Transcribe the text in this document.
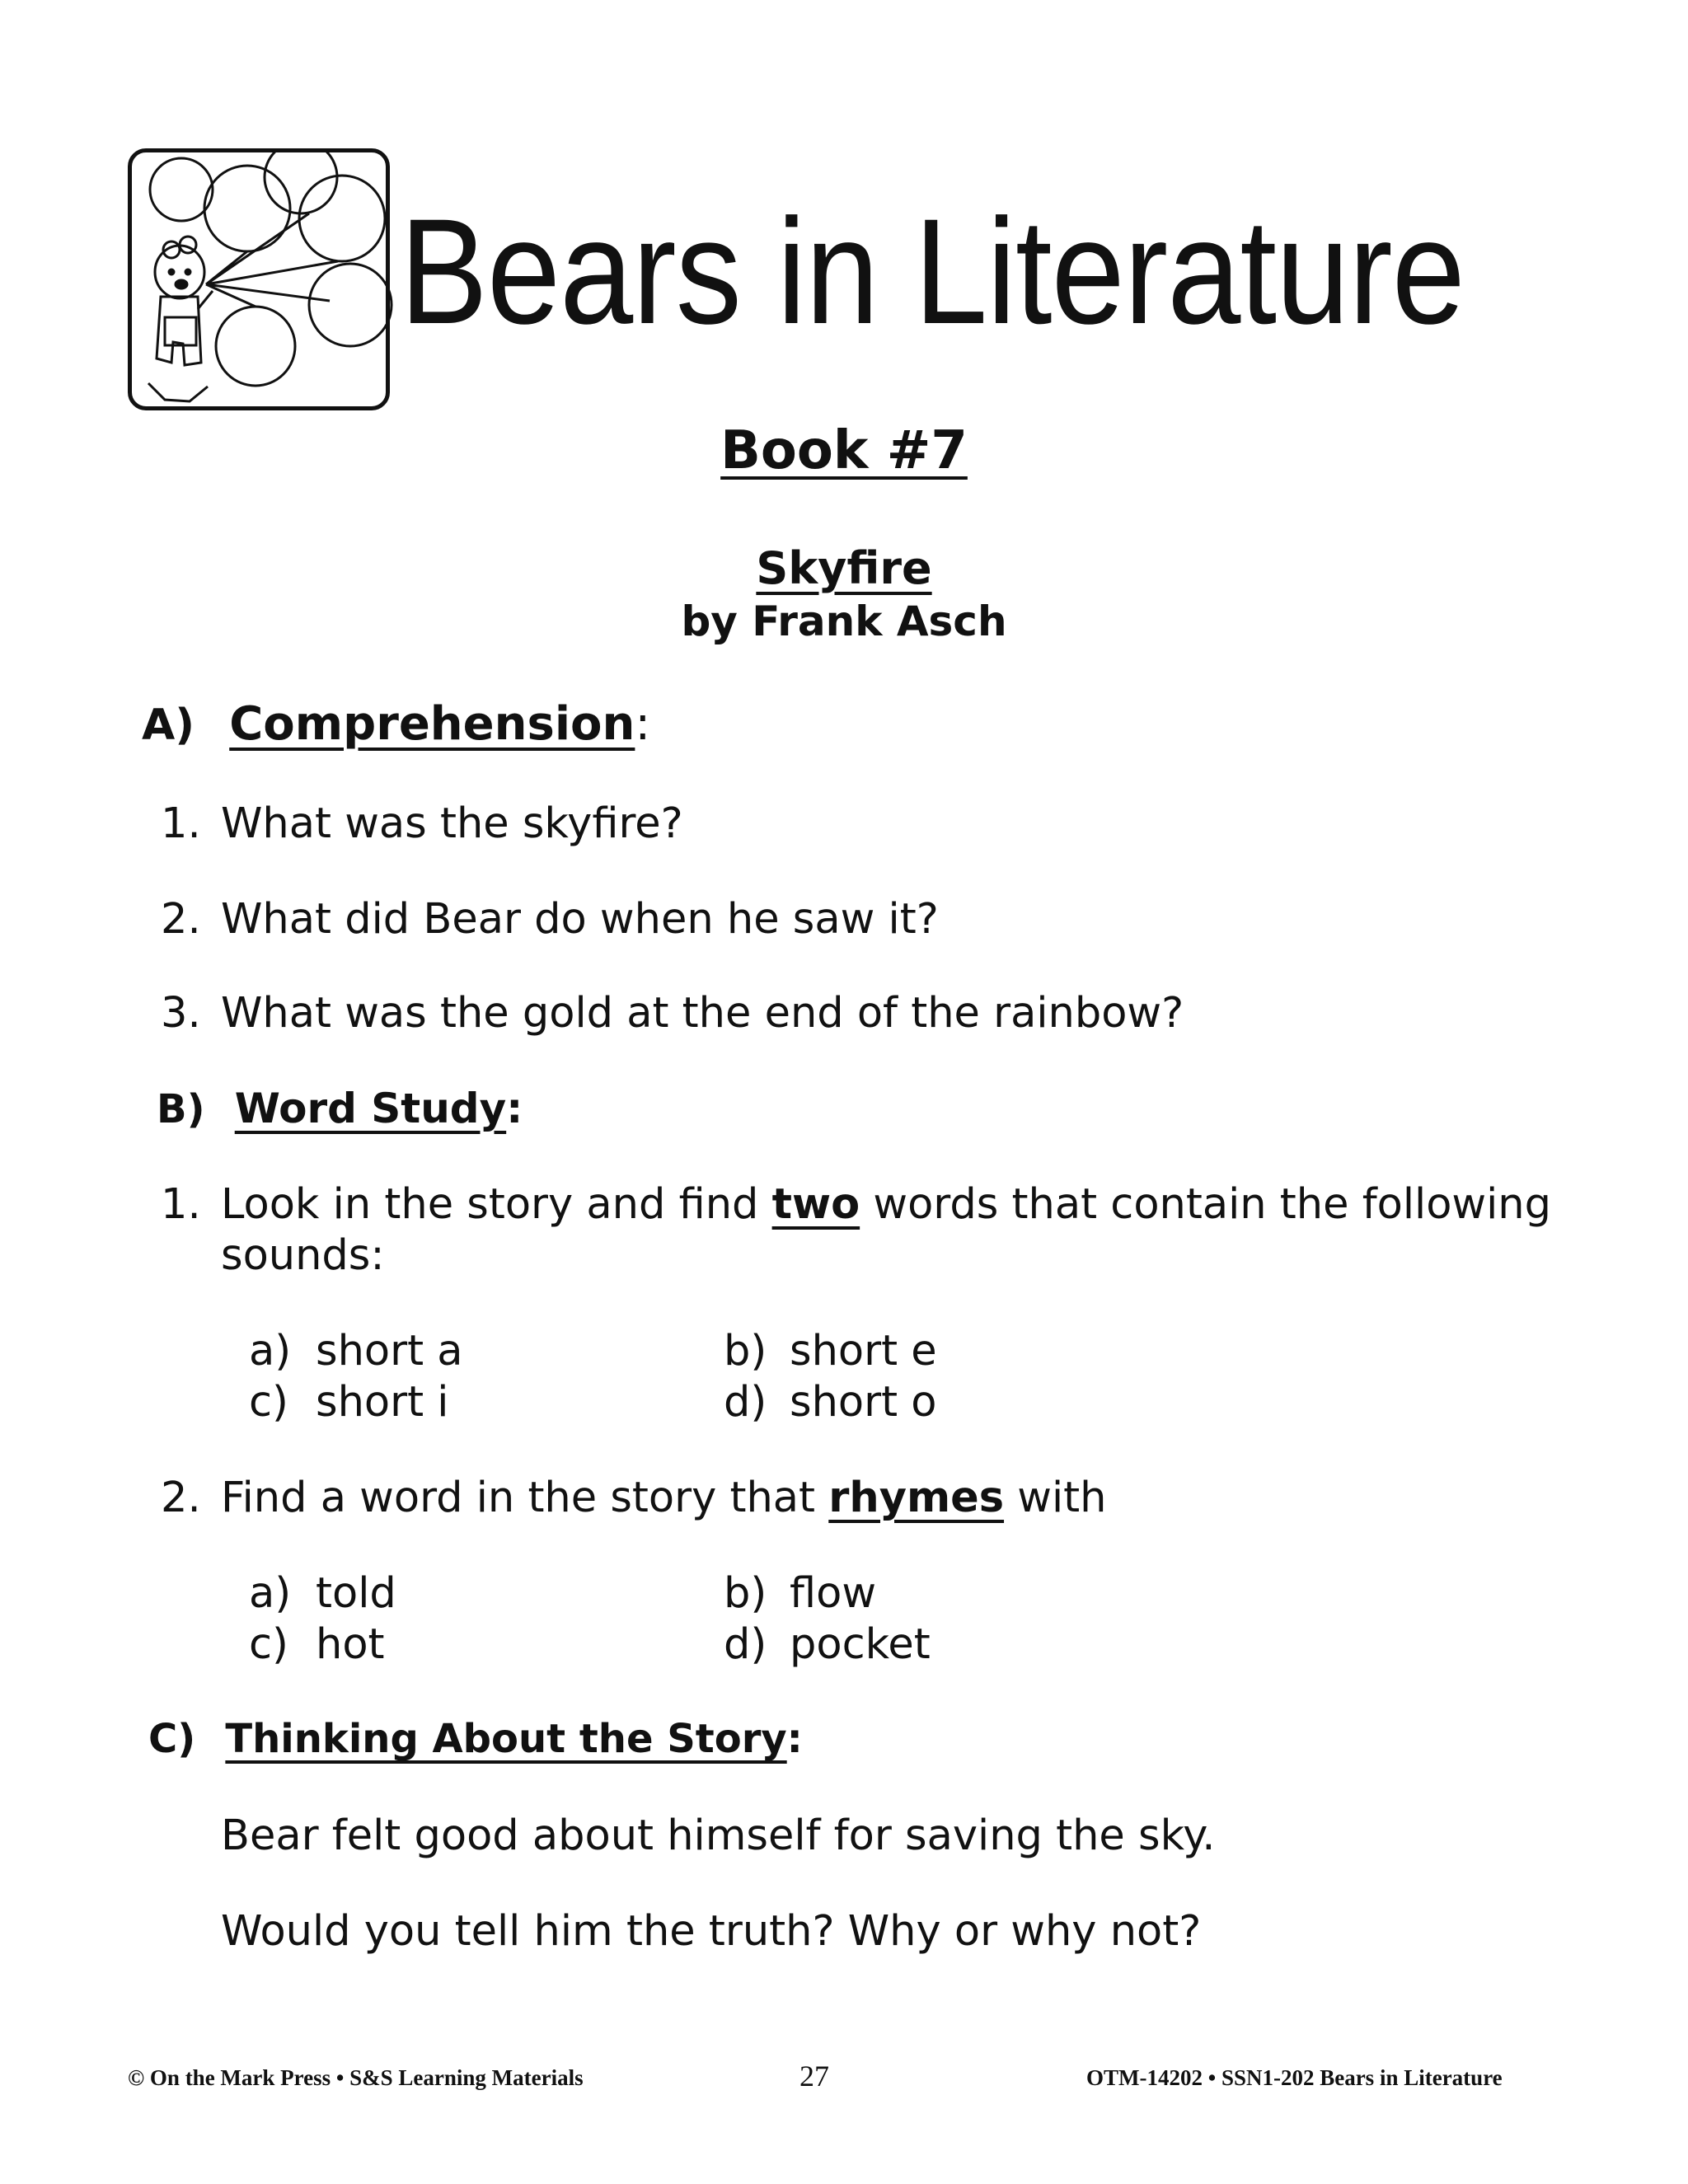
Bears in Literature
Book #7
Skyfire
by Frank Asch
A) Comprehension:
1. What was the skyfire?
2. What did Bear do when he saw it?
3. What was the gold at the end of the rainbow?
B) Word Study:
1. Look in the story and find two words that contain the following
sounds:
a) short a	b) short e
c) short i	d) short o
2. Find a word in the story that rhymes with
a) told	b) flow
c) hot	d) pocket
C) Thinking About the Story:
Bear felt good about himself for saving the sky.
Would you tell him the truth? Why or why not?
© On the Mark Press • S&S Learning Materials	27	OTM-14202 • SSN1-202 Bears in Literature
